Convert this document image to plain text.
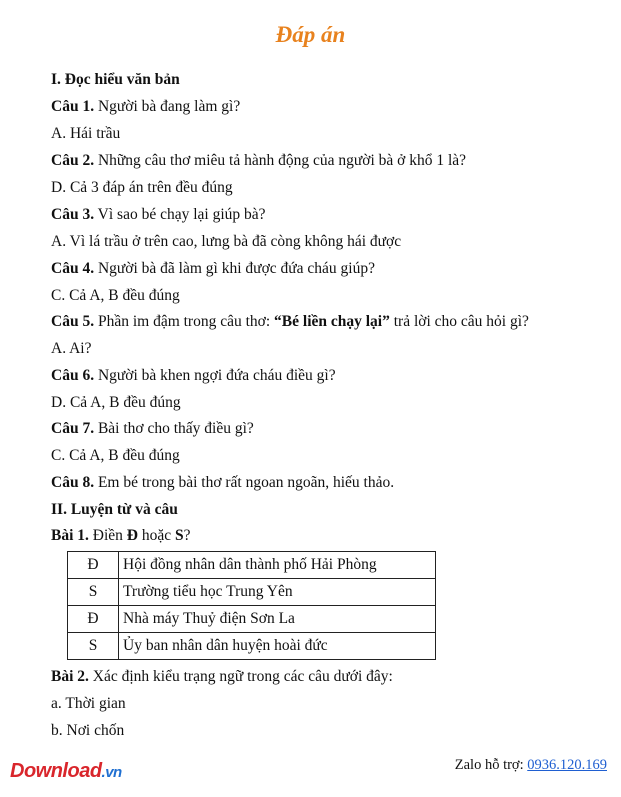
Đáp án
I. Đọc hiểu văn bản
Câu 1. Người bà đang làm gì?
A. Hái trầu
Câu 2. Những câu thơ miêu tả hành động của người bà ở khổ 1 là?
D. Cả 3 đáp án trên đều đúng
Câu 3. Vì sao bé chạy lại giúp bà?
A. Vì lá trầu ở trên cao, lưng bà đã còng không hái được
Câu 4. Người bà đã làm gì khi được đứa cháu giúp?
C. Cả A, B đều đúng
Câu 5. Phần im đậm trong câu thơ: “Bé liền chạy lại” trả lời cho câu hỏi gì?
A. Ai?
Câu 6. Người bà khen ngợi đứa cháu điều gì?
D. Cả A, B đều đúng
Câu 7. Bài thơ cho thấy điều gì?
C. Cả A, B đều đúng
Câu 8. Em bé trong bài thơ rất ngoan ngoãn, hiếu thảo.
II. Luyện từ và câu
Bài 1. Điền Đ hoặc S?
Đ	Hội đồng nhân dân thành phố Hải Phòng
S	Trường tiểu học Trung Yên
Đ	Nhà máy Thuỷ điện Sơn La
S	Ủy ban nhân dân huyện hoài đức
Bài 2. Xác định kiểu trạng ngữ trong các câu dưới đây:
a. Thời gian
b. Nơi chốn
Download.vn	Zalo hỗ trợ: 0936.120.169
